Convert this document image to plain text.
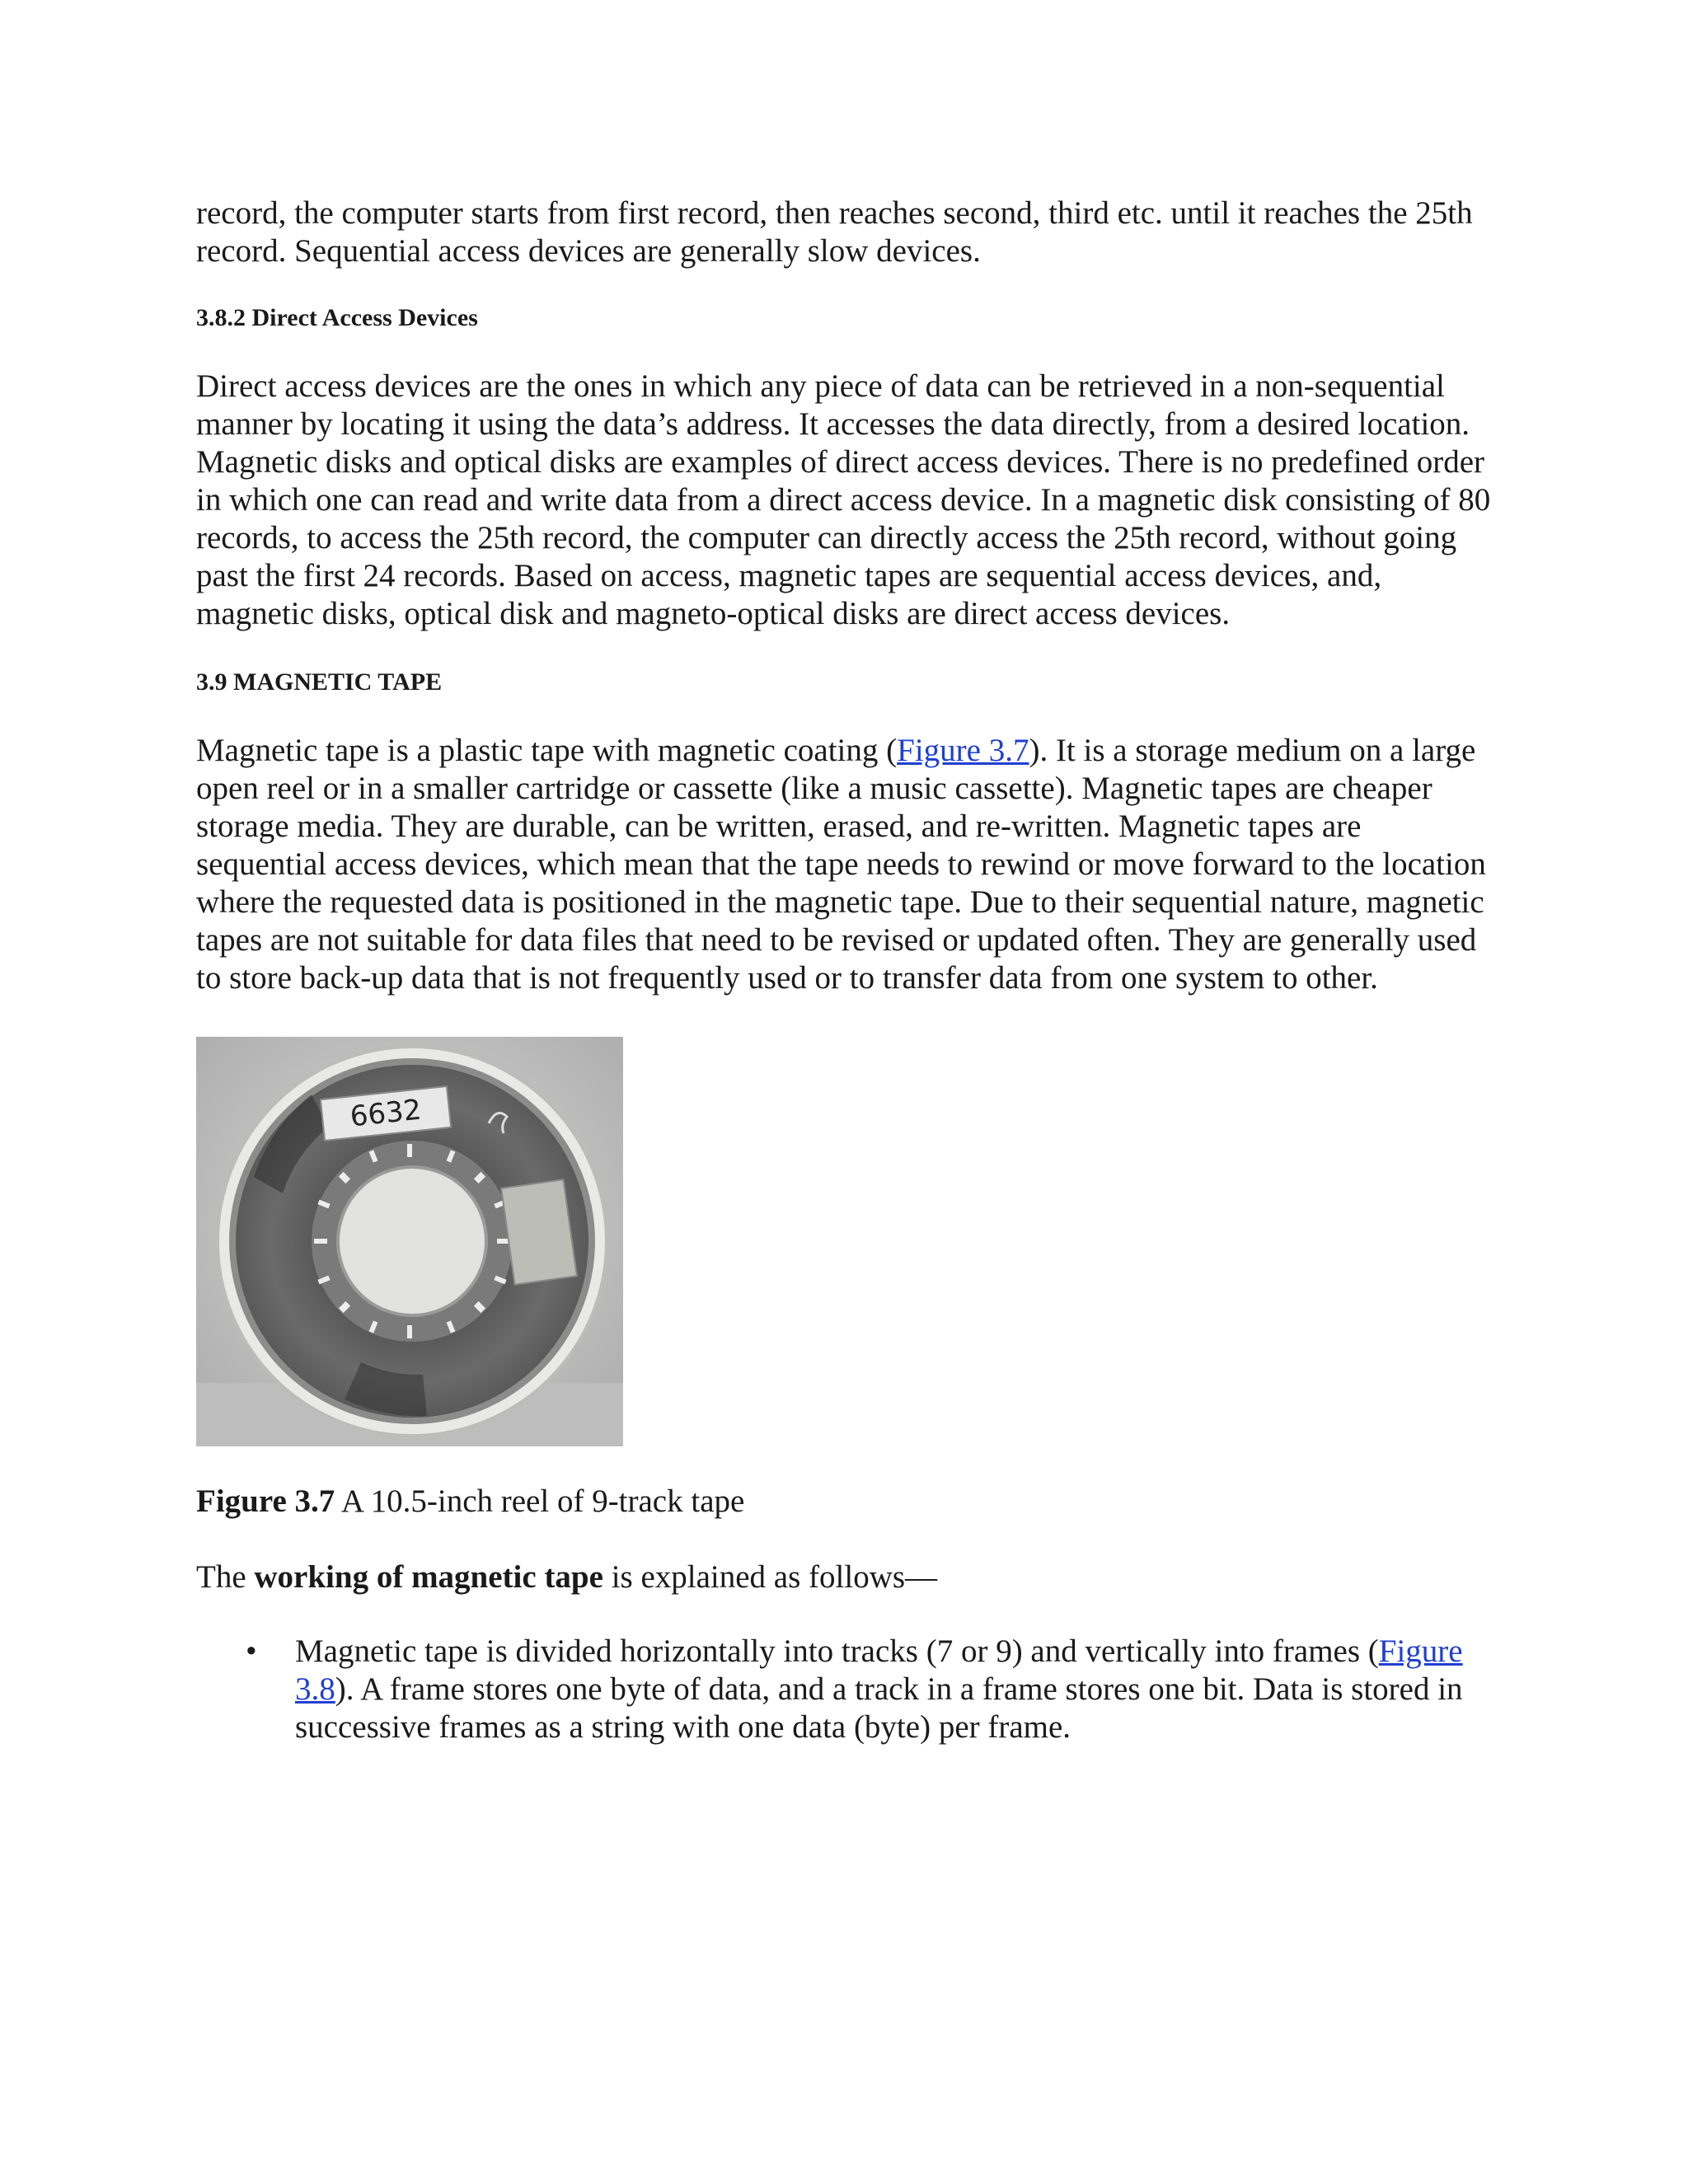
record, the computer starts from first record, then reaches second, third etc. until it reaches the 25th record. Sequential access devices are generally slow devices.

3.8.2 Direct Access Devices

Direct access devices are the ones in which any piece of data can be retrieved in a non-sequential manner by locating it using the data’s address. It accesses the data directly, from a desired location. Magnetic disks and optical disks are examples of direct access devices. There is no predefined order in which one can read and write data from a direct access device. In a magnetic disk consisting of 80 records, to access the 25th record, the computer can directly access the 25th record, without going past the first 24 records. Based on access, magnetic tapes are sequential access devices, and, magnetic disks, optical disk and magneto-optical disks are direct access devices.

3.9 MAGNETIC TAPE

Magnetic tape is a plastic tape with magnetic coating (Figure 3.7). It is a storage medium on a large open reel or in a smaller cartridge or cassette (like a music cassette). Magnetic tapes are cheaper storage media. They are durable, can be written, erased, and re-written. Magnetic tapes are sequential access devices, which mean that the tape needs to rewind or move forward to the location where the requested data is positioned in the magnetic tape. Due to their sequential nature, magnetic tapes are not suitable for data files that need to be revised or updated often. They are generally used to store back-up data that is not frequently used or to transfer data from one system to other.

6632

Figure 3.7 A 10.5-inch reel of 9-track tape

The working of magnetic tape is explained as follows—

• Magnetic tape is divided horizontally into tracks (7 or 9) and vertically into frames (Figure 3.8). A frame stores one byte of data, and a track in a frame stores one bit. Data is stored in successive frames as a string with one data (byte) per frame.
